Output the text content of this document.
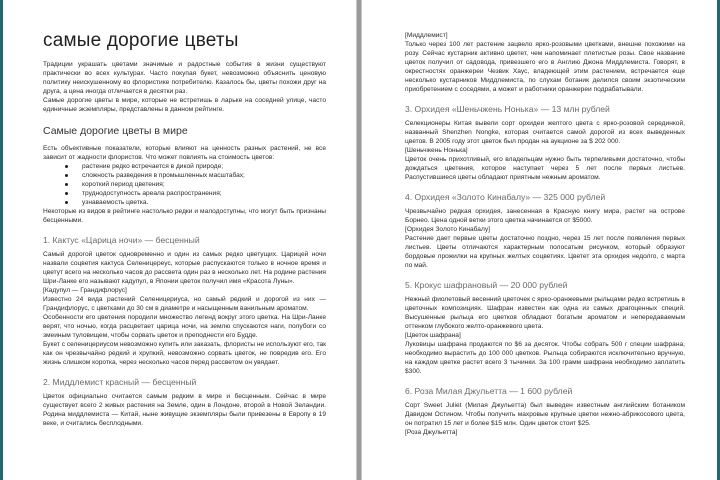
самые дорогие цветы

Традиции украшать цветами значимые и радостные события в жизни существуют практически во всех культурах. Часто покупая букет, невозможно объяснить ценовую политику неискушенному во флористике потребителю. Казалось бы, цветы похожи друг на друга, а цена иногда отличается в десятки раз.

Самые дорогие цветы в мире, которые не встретишь в ларьке на соседней улице, часто единичные экземпляры, представлены в данном рейтинге.

Самые дорогие цветы в мире

Есть объективные показатели, которые влияют на ценность разных растений, не все зависит от жадности флористов. Что может повлиять на стоимость цветов:

растение редко встречается в дикой природе;
сложность разведения в промышленных масштабах;
короткий период цветения;
труднодоступность ареала распространения;
узнаваемость цветка.

Некоторые из видов в рейтинге настолько редки и малодоступны, что могут быть признаны бесценными.

1. Кактус «Царица ночи» — бесценный

Самый дорогой цветок одновременно и один из самых редко цветущих. Царицей ночи назвали соцветия кактуса Селеницереус, которые распускаются только в ночное время и цветут всего на несколько часов до рассвета один раз в несколько лет. На родине растения Шри-Ланке его называют кадупул, в Японии цветок получил имя «Красота Луны».

[Кадупул — Грандифлорус]

Известно 24 вида растений Селеницериуса, но самый редкий и дорогой из них — Грандифлорус, с цветками до 30 см в диаметре и насыщенным ванильным ароматом.

Особенности его цветения породили множество легенд вокруг этого цветка. На Шри-Ланке верят, что ночью, когда расцветает царица ночи, на землю спускаются наги, полубоги со змеиным туловищем, чтобы сорвать цветок и преподнести его Будде.

Букет с селеницериусом невозможно купить или заказать, флористы не используют его, так как он чрезвычайно редкий и хрупкий, невозможно сорвать цветок, не повредив его. Его жизнь слишком коротка, через несколько часов перед рассветом он увядает.

2. Миддлемист красный — бесценный

Цветок официально считается самым редким в мире и бесценным. Сейчас в мире существует всего 2 живых растения на Земле, один в Лондоне, второй в Новой Зеландии. Родина миддлемиста — Китай, ныне живущие экземпляры были привезены в Европу в 19 веке, и считались бесплодными.

[Миддлемист]

Только через 100 лет растение зацвело ярко-розовыми цветками, внешне похожими на розу. Сейчас кустарник активно цветет, чем напоминает плетистые розы. Свое название цветок получил от садовода, привезшего его в Англию Джона Миддлемиста. Говорят, в окрестностях оранжереи Чезвик Хаус, владеющей этим растением, встречается еще несколько кустарников Миддлемиста, по слухам ботаник делился своим экзотическим приобретением с соседями, а может и работники оранжереи подрабатывали.

3. Орхидея «Шеньчжень Нонька» — 13 млн рублей

Селекционеры Китая вывели сорт орхидеи желтого цвета с ярко-розовой серединкой, названный Shenzhen Nongke, которая считается самой дорогой из всех выведенных цветов. В 2005 году этот цветок был продан на аукционе за $ 202 000.

[Шеньчжень Нонька]

Цветок очень прихотливый, его владельцам нужно быть терпеливыми достаточно, чтобы дождаться цветения, которое наступает через 5 лет после первых листьев. Распустившиеся цветы обладают приятным нежным ароматом.

4. Орхидея «Золото Кинабалу» — 325 000 рублей

Чрезвычайно редкая орхидея, занесенная в Красную книгу мира, растет на острове Борнео. Цена одной ветки этого цветка начинается от $5000.

[Орхидея Золото Кинабалу]

Растение дает первые цветы достаточно поздно, через 15 лет после появления первых листьев. Цветы отличаются характерным полосатым рисунком, который образуют бордовые прожилки на крупных желтых соцветиях. Цветет эта орхидея недолго, с марта по май.

5. Крокус шафрановый — 20 000 рублей

Нежный фиолетовый весенний цветочек с ярко-оранжевыми рыльцами редко встретишь в цветочных композициях. Шафран известен как одна из самых драгоценных специй. Высушенные рыльца его цветков обладают богатым ароматом и непередаваемым оттенком глубокого желто-оранжевого цвета.

[Цветок шафрана]

Луковицы шафрана продаются по $6 за десяток. Чтобы собрать 500 г специи шафрана, необходимо вырастить до 100 000 цветков. Рыльца собираются исключительно вручную, на каждом цветке растет всего 3 тычинки. За 100 грамм шафрана необходимо заплатить $300.

6. Роза Милая Джульетта — 1 600 рублей

Сорт Sweet Juliet (Милая Джульетта) был выведен известным английским ботаником Давидом Остином. Чтобы получить махровые крупные цветки нежно-абрикосового цвета, он потратил 15 лет и более $15 млн. Один цветок стоит $25.

[Роза Джульетта]
